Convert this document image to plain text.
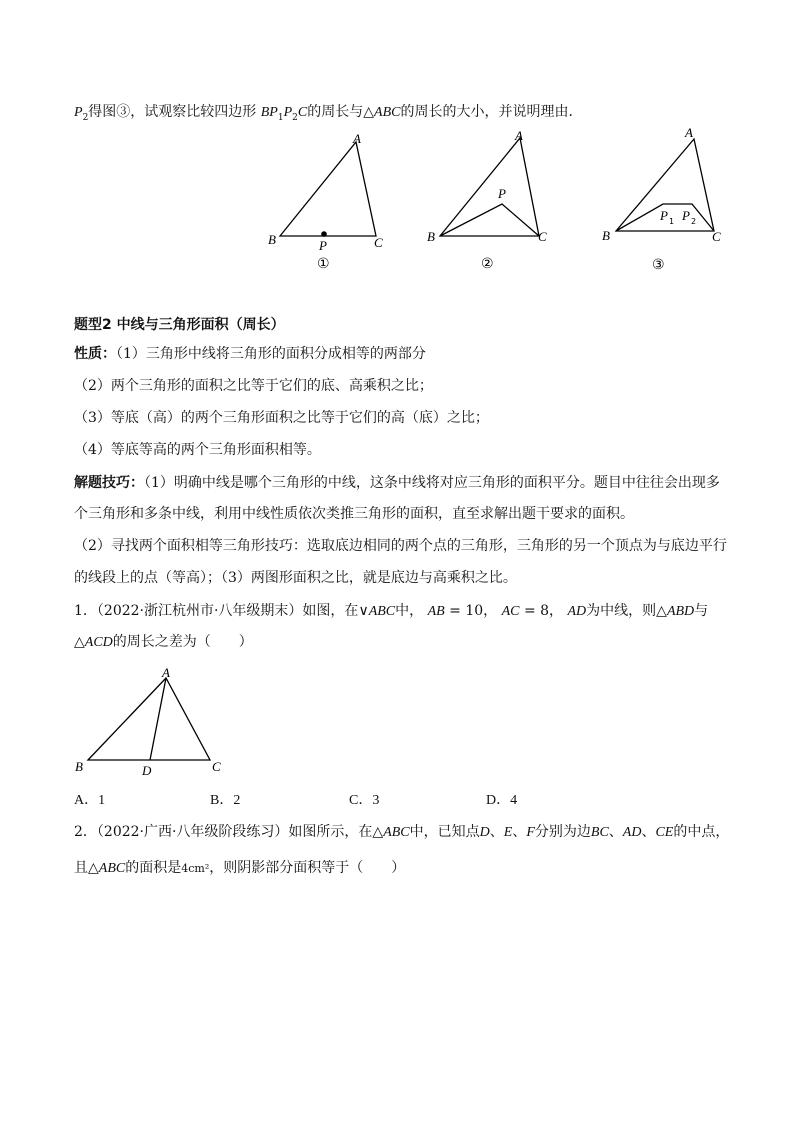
$P_2$得图③，试观察比较四边形 $BP_1P_2C$的周长与△ABC的周长的大小，并说明理由．
A
B	C
P
①
A
B	C
P
②
A
B	C
P 1 P 2
③
题型2 中线与三角形面积（周长）
性质：（1）三角形中线将三角形的面积分成相等的两部分
（2）两个三角形的面积之比等于它们的底、高乘积之比；
（3）等底（高）的两个三角形面积之比等于它们的高（底）之比；
（4）等底等高的两个三角形面积相等。
解题技巧：（1）明确中线是哪个三角形的中线，这条中线将对应三角形的面积平分。题目中往往会出现多
个三角形和多条中线，利用中线性质依次类推三角形的面积，直至求解出题干要求的面积。
（2）寻找两个面积相等三角形技巧：选取底边相同的两个点的三角形，三角形的另一个顶点为与底边平行
的线段上的点（等高）；（3）两图形面积之比，就是底边与高乘积之比。
1．（2022·浙江杭州市·八年级期末）如图，在∨ABC中， AB = 10， AC = 8， AD为中线，则△ABD与
△ACD的周长之差为（　　）
A
B	C
D
A．1	B．2	C．3	D．4
2．（2022·广西·八年级阶段练习）如图所示，在△ABC中，已知点D、E、F分别为边BC、AD、CE的中点，
且△ABC的面积是4cm²，则阴影部分面积等于（　　）
